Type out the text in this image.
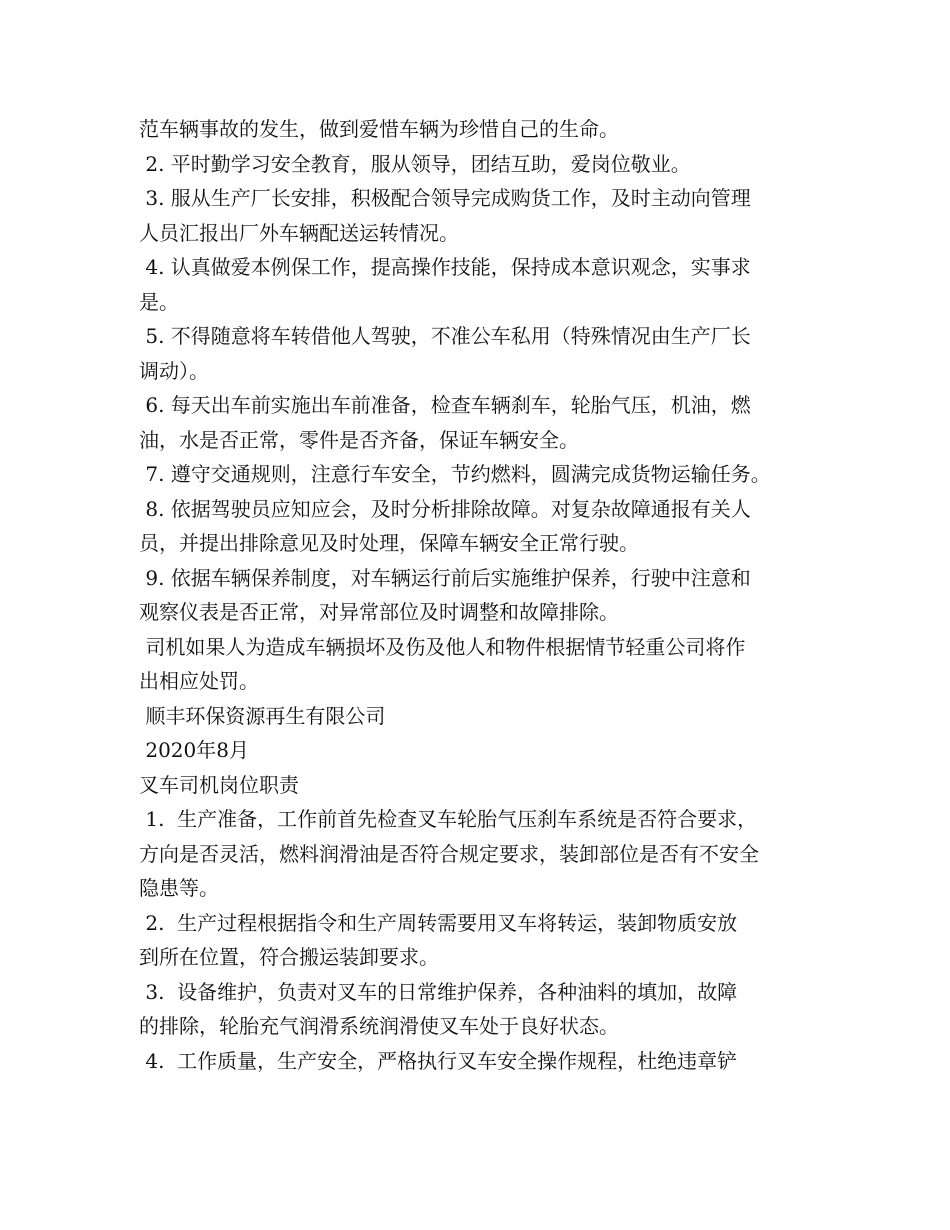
范车辆事故的发生，做到爱惜车辆为珍惜自己的生命。
2. 平时勤学习安全教育，服从领导，团结互助，爱岗位敬业。
3. 服从生产厂长安排，积极配合领导完成购货工作，及时主动向管理
人员汇报出厂外车辆配送运转情况。
4. 认真做爱本例保工作，提高操作技能，保持成本意识观念，实事求
是。
5. 不得随意将车转借他人驾驶，不准公车私用（特殊情况由生产厂长
调动）。
6. 每天出车前实施出车前准备，检查车辆刹车，轮胎气压，机油，燃
油，水是否正常，零件是否齐备，保证车辆安全。
7. 遵守交通规则，注意行车安全，节约燃料，圆满完成货物运输任务。
8. 依据驾驶员应知应会，及时分析排除故障。对复杂故障通报有关人
员，并提出排除意见及时处理，保障车辆安全正常行驶。
9. 依据车辆保养制度，对车辆运行前后实施维护保养，行驶中注意和
观察仪表是否正常，对异常部位及时调整和故障排除。
司机如果人为造成车辆损坏及伤及他人和物件根据情节轻重公司将作
出相应处罚。
顺丰环保资源再生有限公司
2020年8月
叉车司机岗位职责
1.  生产准备，工作前首先检查叉车轮胎气压刹车系统是否符合要求，
方向是否灵活，燃料润滑油是否符合规定要求，装卸部位是否有不安全
隐患等。
2.  生产过程根据指令和生产周转需要用叉车将转运，装卸物质安放
到所在位置，符合搬运装卸要求。
3.  设备维护，负责对叉车的日常维护保养，各种油料的填加，故障
的排除，轮胎充气润滑系统润滑使叉车处于良好状态。
4.  工作质量，生产安全，严格执行叉车安全操作规程，杜绝违章铲
